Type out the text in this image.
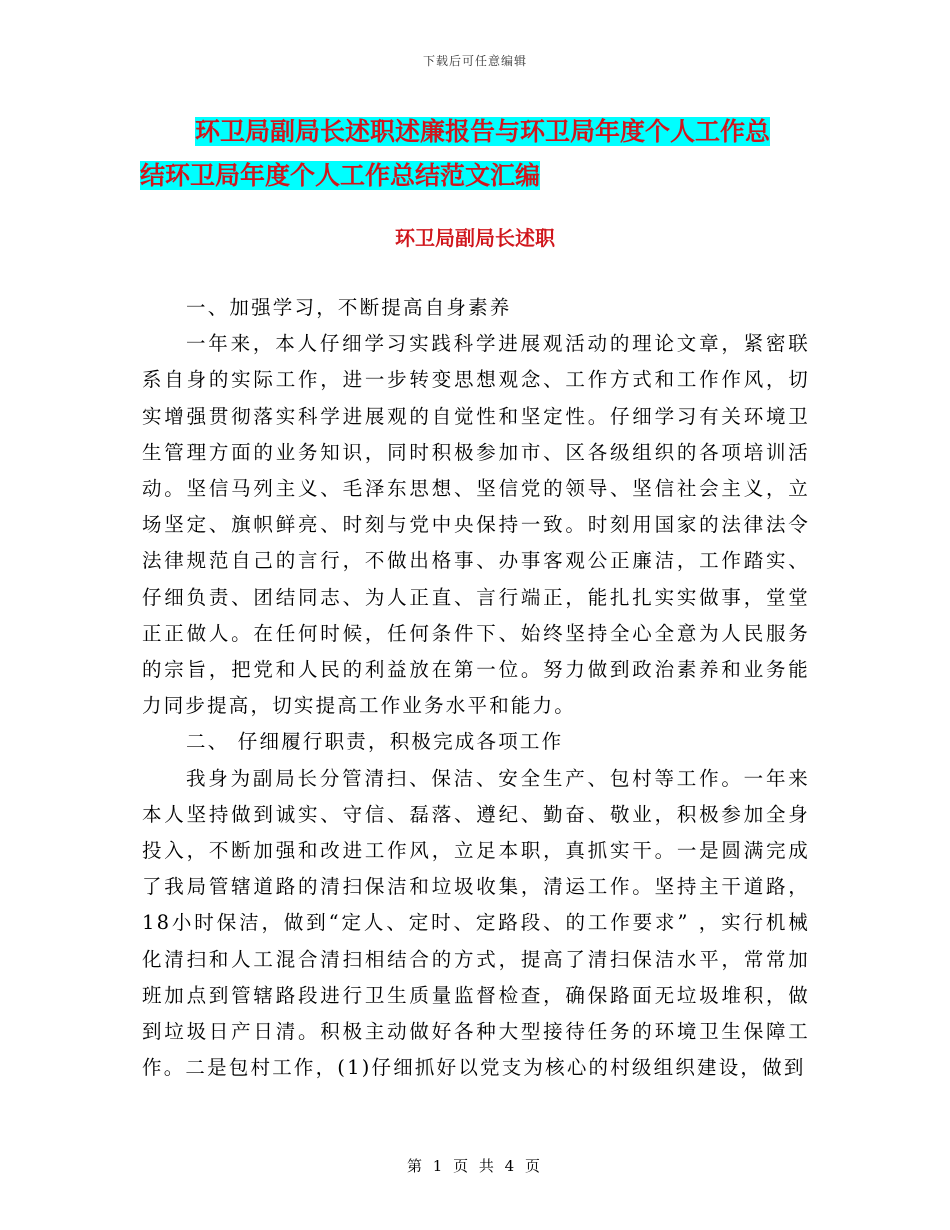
下载后可任意编辑
环卫局副局长述职述廉报告与环卫局年度个人工作总
结环卫局年度个人工作总结范文汇编
环卫局副局长述职

一、加强学习，不断提高自身素养

一年来，本人仔细学习实践科学进展观活动的理论文章，紧密联系自身的实际工作，进一步转变思想观念、工作方式和工作作风，切实增强贯彻落实科学进展观的自觉性和坚定性。仔细学习有关环境卫生管理方面的业务知识，同时积极参加市、区各级组织的各项培训活动。坚信马列主义、毛泽东思想、坚信党的领导、坚信社会主义，立场坚定、旗帜鲜亮、时刻与党中央保持一致。时刻用国家的法律法令法律规范自己的言行，不做出格事、办事客观公正廉洁，工作踏实、仔细负责、团结同志、为人正直、言行端正，能扎扎实实做事，堂堂正正做人。在任何时候，任何条件下、始终坚持全心全意为人民服务的宗旨，把党和人民的利益放在第一位。努力做到政治素养和业务能力同步提高，切实提高工作业务水平和能力。

二、 仔细履行职责，积极完成各项工作

我身为副局长分管清扫、保洁、安全生产、包村等工作。一年来本人坚持做到诚实、守信、磊落、遵纪、勤奋、敬业，积极参加全身投入，不断加强和改进工作风，立足本职，真抓实干。一是圆满完成了我局管辖道路的清扫保洁和垃圾收集，清运工作。坚持主干道路，18小时保洁，做到“定人、定时、定路段、的工作要求” ，实行机械化清扫和人工混合清扫相结合的方式，提高了清扫保洁水平，常常加班加点到管辖路段进行卫生质量监督检查，确保路面无垃圾堆积，做到垃圾日产日清。积极主动做好各种大型接待任务的环境卫生保障工作。二是包村工作，(1)仔细抓好以党支为核心的村级组织建设，做到

第 1 页 共 4 页
